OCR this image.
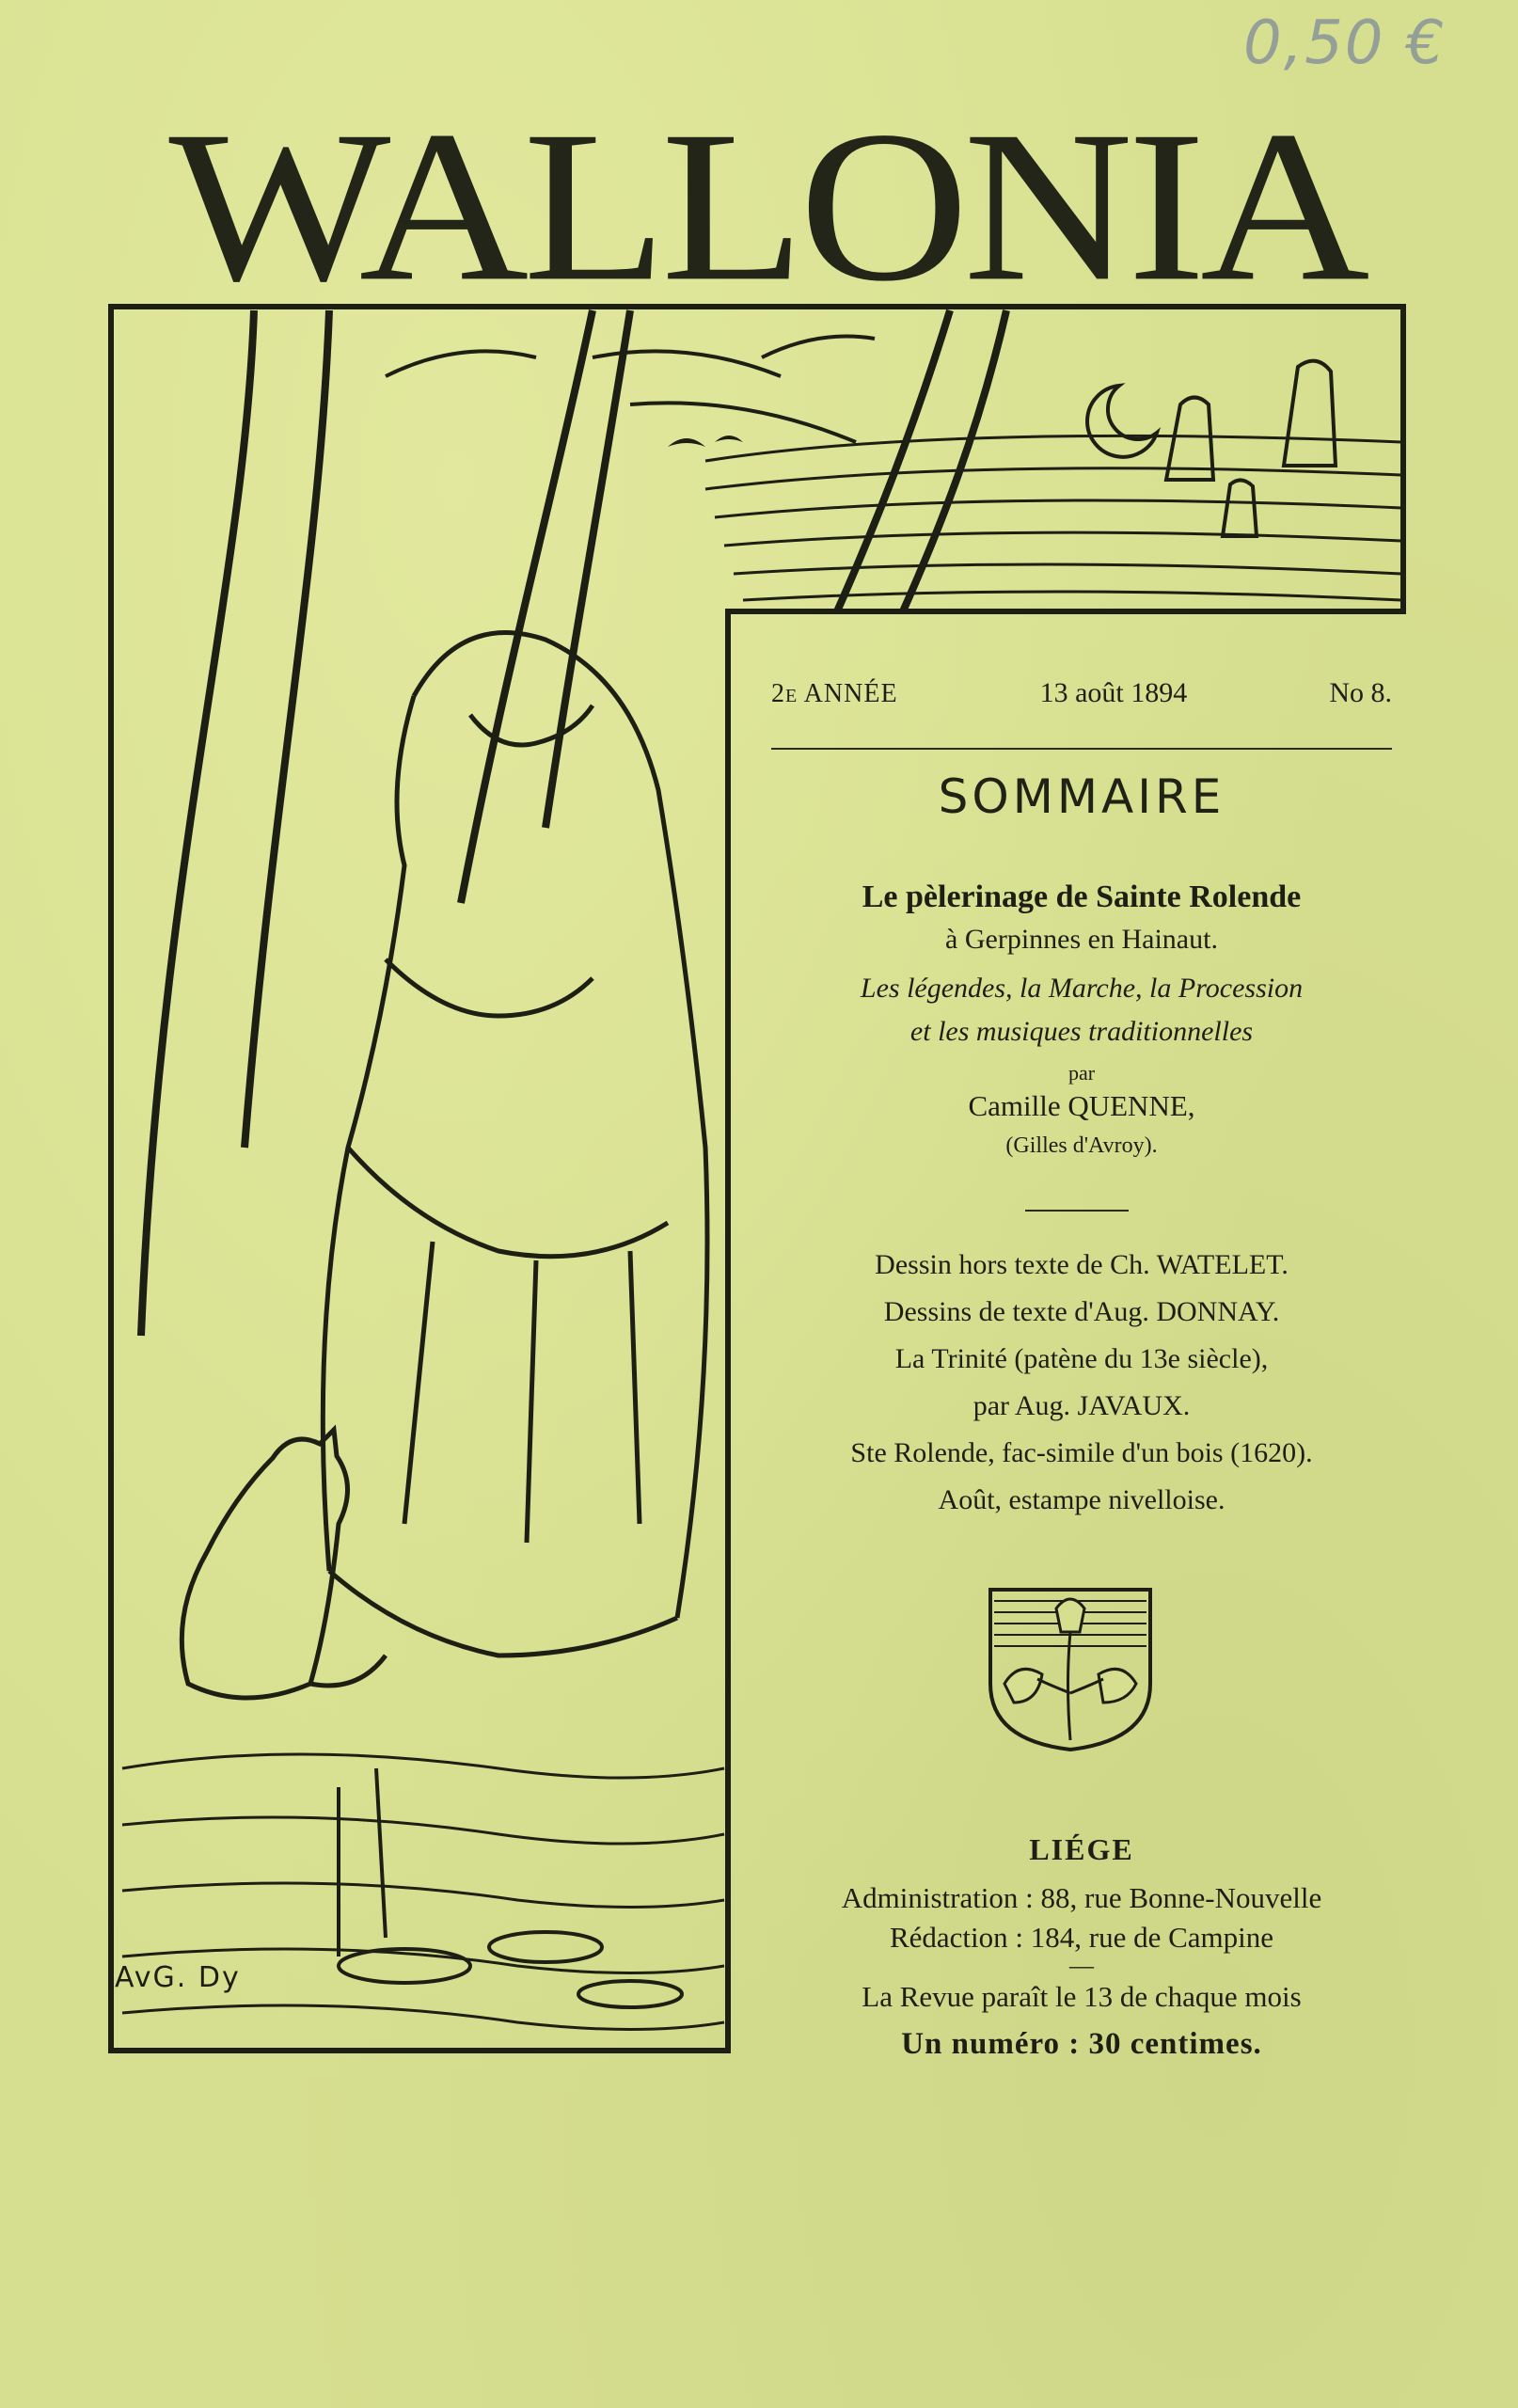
0,50 €
WALLONIA
AvG. Dy
2e ANNÉE	13 août 1894	No 8.
SOMMAIRE
Le pèlerinage de Sainte Rolende
à Gerpinnes en Hainaut.
Les légendes, la Marche, la Procession
et les musiques traditionnelles
par
Camille QUENNE,
(Gilles d'Avroy).
Dessin hors texte de Ch. WATELET.
Dessins de texte d'Aug. DONNAY.
La Trinité (patène du 13e siècle),
par Aug. JAVAUX.
Ste Rolende, fac-simile d'un bois (1620).
Août, estampe nivelloise.
LIÉGE
Administration : 88, rue Bonne-Nouvelle
Rédaction : 184, rue de Campine
—
La Revue paraît le 13 de chaque mois
Un numéro : 30 centimes.
